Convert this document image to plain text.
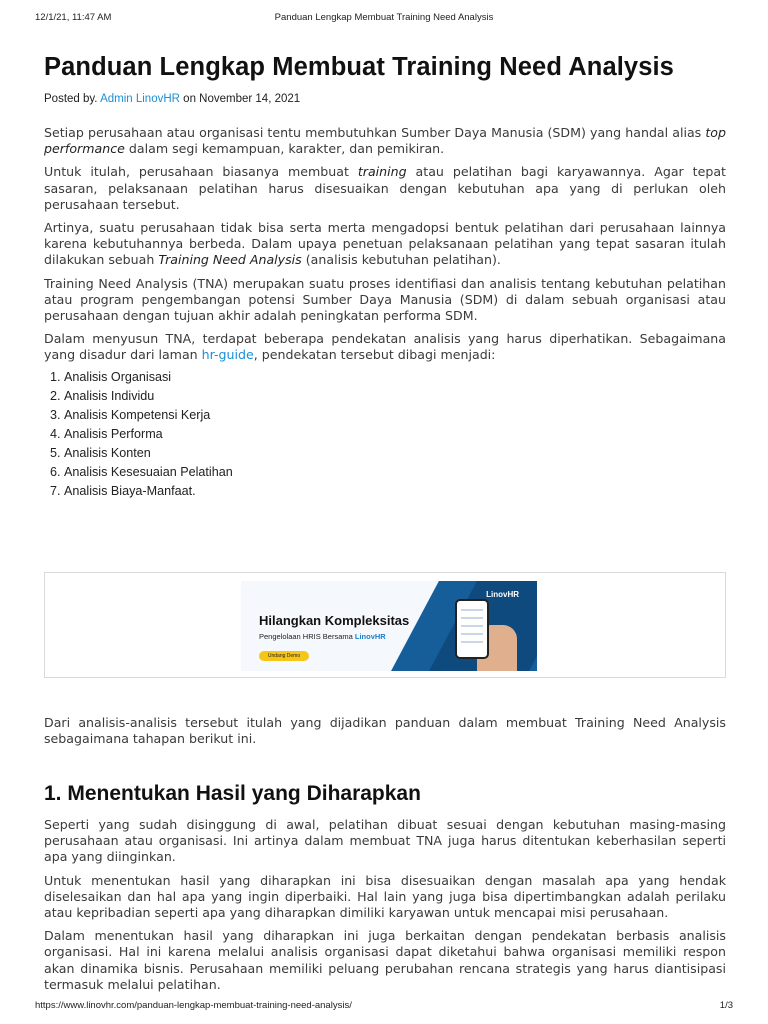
12/1/21, 11:47 AM	Panduan Lengkap Membuat Training Need Analysis
Panduan Lengkap Membuat Training Need Analysis
Posted by. Admin LinovHR on November 14, 2021

Setiap perusahaan atau organisasi tentu membutuhkan Sumber Daya Manusia (SDM) yang handal alias top performance dalam segi kemampuan, karakter, dan pemikiran.

Untuk itulah, perusahaan biasanya membuat training atau pelatihan bagi karyawannya. Agar tepat sasaran, pelaksanaan pelatihan harus disesuaikan dengan kebutuhan apa yang di perlukan oleh perusahaan tersebut.

Artinya, suatu perusahaan tidak bisa serta merta mengadopsi bentuk pelatihan dari perusahaan lainnya karena kebutuhannya berbeda. Dalam upaya penetuan pelaksanaan pelatihan yang tepat sasaran itulah dilakukan sebuah Training Need Analysis (analisis kebutuhan pelatihan).

Training Need Analysis (TNA) merupakan suatu proses identifiasi dan analisis tentang kebutuhan pelatihan atau program pengembangan potensi Sumber Daya Manusia (SDM) di dalam sebuah organisasi atau perusahaan dengan tujuan akhir adalah peningkatan performa SDM.

Dalam menyusun TNA, terdapat beberapa pendekatan analisis yang harus diperhatikan. Sebagaimana yang disadur dari laman hr-guide, pendekatan tersebut dibagi menjadi:

1. Analisis Organisasi
2. Analisis Individu
3. Analisis Kompetensi Kerja
4. Analisis Performa
5. Analisis Konten
6. Analisis Kesesuaian Pelatihan
7. Analisis Biaya-Manfaat.
LinovHR
Hilangkan Kompleksitas
Pengelolaan HRIS Bersama LinovHR
Undang Demo

Dari analisis-analisis tersebut itulah yang dijadikan panduan dalam membuat Training Need Analysis sebagaimana tahapan berikut ini.

1. Menentukan Hasil yang Diharapkan

Seperti yang sudah disinggung di awal, pelatihan dibuat sesuai dengan kebutuhan masing-masing perusahaan atau organisasi. Ini artinya dalam membuat TNA juga harus ditentukan keberhasilan seperti apa yang diinginkan.

Untuk menentukan hasil yang diharapkan ini bisa disesuaikan dengan masalah apa yang hendak diselesaikan dan hal apa yang ingin diperbaiki. Hal lain yang juga bisa dipertimbangkan adalah perilaku atau kepribadian seperti apa yang diharapkan dimiliki karyawan untuk mencapai misi perusahaan.

Dalam menentukan hasil yang diharapkan ini juga berkaitan dengan pendekatan berbasis analisis organisasi. Hal ini karena melalui analisis organisasi dapat diketahui bahwa organisasi memiliki respon akan dinamika bisnis. Perusahaan memiliki peluang perubahan rencana strategis yang harus diantisipasi termasuk melalui pelatihan.

https://www.linovhr.com/panduan-lengkap-membuat-training-need-analysis/	1/3
